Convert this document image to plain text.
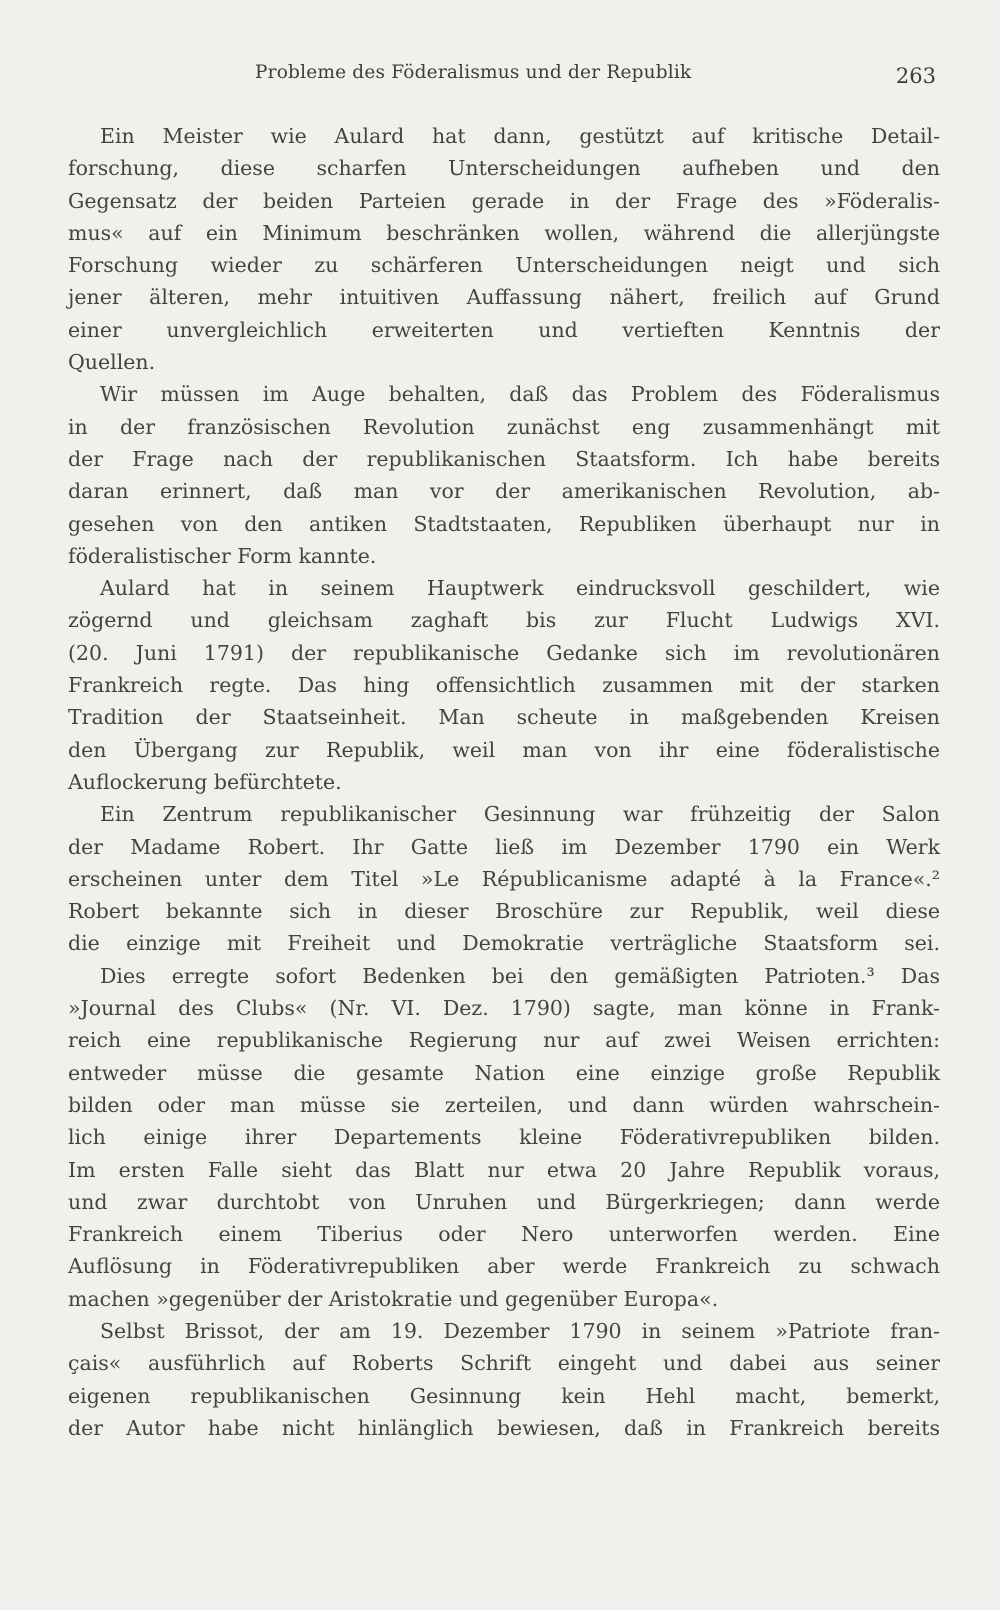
Probleme des Föderalismus und der Republik	263
Ein Meister wie Aulard hat dann, gestützt auf kritische Detail-
forschung, diese scharfen Unterscheidungen aufheben und den
Gegensatz der beiden Parteien gerade in der Frage des »Föderalis-
mus« auf ein Minimum beschränken wollen, während die allerjüngste
Forschung wieder zu schärferen Unterscheidungen neigt und sich
jener älteren, mehr intuitiven Auffassung nähert, freilich auf Grund
einer unvergleichlich erweiterten und vertieften Kenntnis der
Quellen.
Wir müssen im Auge behalten, daß das Problem des Föderalismus
in der französischen Revolution zunächst eng zusammenhängt mit
der Frage nach der republikanischen Staatsform. Ich habe bereits
daran erinnert, daß man vor der amerikanischen Revolution, ab-
gesehen von den antiken Stadtstaaten, Republiken überhaupt nur in
föderalistischer Form kannte.
Aulard hat in seinem Hauptwerk eindrucksvoll geschildert, wie
zögernd und gleichsam zaghaft bis zur Flucht Ludwigs XVI.
(20. Juni 1791) der republikanische Gedanke sich im revolutionären
Frankreich regte. Das hing offensichtlich zusammen mit der starken
Tradition der Staatseinheit. Man scheute in maßgebenden Kreisen
den Übergang zur Republik, weil man von ihr eine föderalistische
Auflockerung befürchtete.
Ein Zentrum republikanischer Gesinnung war frühzeitig der Salon
der Madame Robert. Ihr Gatte ließ im Dezember 1790 ein Werk
erscheinen unter dem Titel »Le Républicanisme adapté à la France«.²
Robert bekannte sich in dieser Broschüre zur Republik, weil diese
die einzige mit Freiheit und Demokratie verträgliche Staatsform sei.
Dies erregte sofort Bedenken bei den gemäßigten Patrioten.³ Das
»Journal des Clubs« (Nr. VI. Dez. 1790) sagte, man könne in Frank-
reich eine republikanische Regierung nur auf zwei Weisen errichten:
entweder müsse die gesamte Nation eine einzige große Republik
bilden oder man müsse sie zerteilen, und dann würden wahrschein-
lich einige ihrer Departements kleine Föderativrepubliken bilden.
Im ersten Falle sieht das Blatt nur etwa 20 Jahre Republik voraus,
und zwar durchtobt von Unruhen und Bürgerkriegen; dann werde
Frankreich einem Tiberius oder Nero unterworfen werden. Eine
Auflösung in Föderativrepubliken aber werde Frankreich zu schwach
machen »gegenüber der Aristokratie und gegenüber Europa«.
Selbst Brissot, der am 19. Dezember 1790 in seinem »Patriote fran-
çais« ausführlich auf Roberts Schrift eingeht und dabei aus seiner
eigenen republikanischen Gesinnung kein Hehl macht, bemerkt,
der Autor habe nicht hinlänglich bewiesen, daß in Frankreich bereits
